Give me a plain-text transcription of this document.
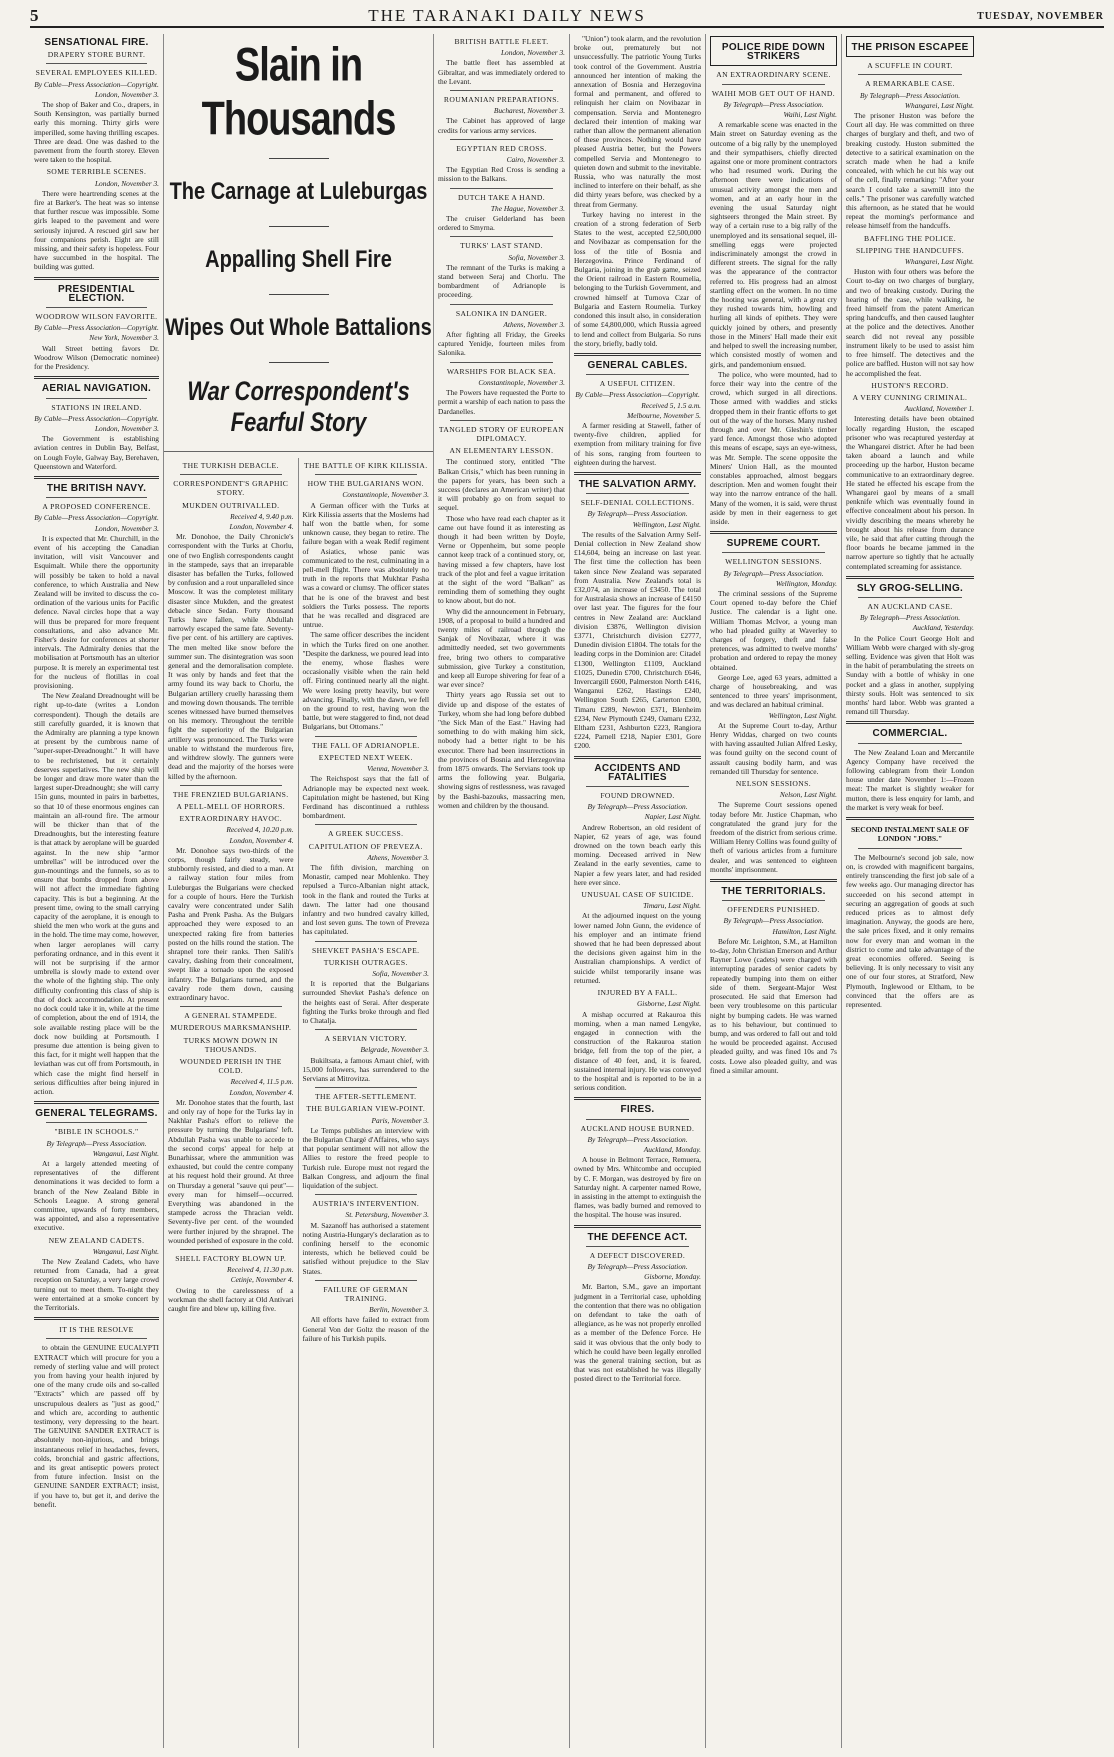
5	THE TARANAKI DAILY NEWS	TUESDAY, NOVEMBER
SENSATIONAL FIRE.
DRAPERY STORE BURNT.
SEVERAL EMPLOYEES KILLED.
By Cable—Press Association—Copyright.
London, November 3.

The shop of Baker and Co., drapers, in South Kensington, was partially burned early this morning. Thirty girls were imperilled, some having thrilling escapes. Three are dead. One was dashed to the pavement from the fourth storey. Eleven were taken to the hospital.

SOME TERRIBLE SCENES.
London, November 3.

There were heartrending scenes at the fire at Barker's. The heat was so intense that further rescue was impossible. Some girls leaped to the pavement and were seriously injured. A rescued girl saw her four companions perish. Eight are still missing, and their safety is hopeless. Four have succumbed in the hospital. The building was gutted.

PRESIDENTIAL ELECTION.
WOODROW WILSON FAVORITE.
By Cable—Press Association—Copyright.
New York, November 3.

Wall Street betting favors Dr. Woodrow Wilson (Democratic nominee) for the Presidency.

AERIAL NAVIGATION.
STATIONS IN IRELAND.
By Cable—Press Association—Copyright.
London, November 3.

The Government is establishing aviation centres in Dublin Bay, Belfast, on Lough Foyle, Galway Bay, Berehaven, Queenstown and Waterford.

THE BRITISH NAVY.
A PROPOSED CONFERENCE.
By Cable—Press Association—Copyright.
London, November 3.

It is expected that Mr. Churchill, in the event of his accepting the Canadian invitation, will visit Vancouver and Esquimalt. While there the opportunity will possibly be taken to hold a naval conference, to which Australia and New Zealand will be invited to discuss the co-ordination of the various units for Pacific defence. Naval circles hope that a way will thus be prepared for more frequent consultations, and also advance Mr. Fisher's desire for conferences at shorter intervals. The Admiralty denies that the mobilisation at Portsmouth has an ulterior purpose. It is merely an experimental test for the nucleus of flotillas in coal provisioning.

The New Zealand Dreadnought will be right up-to-date (writes a London correspondent). Though the details are still carefully guarded, it is known that the Admiralty are planning a type known at present by the cumbrous name of "super-super-Dreadnought." It will have to be rechristened, but it certainly deserves superlatives. The new ship will be longer and draw more water than the largest super-Dreadnought; she will carry 15in guns, mounted in pairs in barbettes, so that 10 of these enormous engines can maintain an all-round fire. The armour will be thicker than that of the Dreadnoughts, but the interesting feature is that attack by aeroplane will be guarded against. In the new ship "armor umbrellas" will be introduced over the gun-mountings and the funnels, so as to ensure that bombs dropped from above will not affect the immediate fighting capacity. This is but a beginning. At the present time, owing to the small carrying capacity of the aeroplane, it is enough to shield the men who work at the guns and in the hold. The time may come, however, when larger aeroplanes will carry perforating ordnance, and in this event it will not be surprising if the armor umbrella is slowly made to extend over the whole of the fighting ship. The only difficulty confronting this class of ship is that of dock accommodation. At present no dock could take it in, while at the time of completion, about the end of 1914, the sole available resting place will be the dock now building at Portsmouth. I presume due attention is being given to this fact, for it might well happen that the leviathan was cut off from Portsmouth, in which case the might find herself in serious difficulties after being injured in action.

GENERAL TELEGRAMS.
"BIBLE IN SCHOOLS."
By Telegraph—Press Association.
Wanganui, Last Night.

At a largely attended meeting of representatives of the different denominations it was decided to form a branch of the New Zealand Bible in Schools League. A strong general committee, upwards of forty members, was appointed, and also a representative executive.

NEW ZEALAND CADETS.
Wanganui, Last Night.

The New Zealand Cadets, who have returned from Canada, had a great reception on Saturday, a very large crowd turning out to meet them. To-night they were entertained at a smoke concert by the Territorials.

IT IS THE RESOLVE

to obtain the GENUINE EUCALYPTI EXTRACT which will procure for you a remedy of sterling value and will protect you from having your health injured by one of the many crude oils and so-called "Extracts" which are passed off by unscrupulous dealers as "just as good," and which are, according to authentic testimony, very depressing to the heart. The GENUINE SANDER EXTRACT is absolutely non-injurious, and brings instantaneous relief in headaches, fevers, colds, bronchial and gastric affections, and its great antiseptic powers protect from future infection. Insist on the GENUINE SANDER EXTRACT; insist, if you have to, but get it, and derive the benefit.

Slain in Thousands
The Carnage at Luleburgas
Appalling Shell Fire
Wipes Out Whole Battalions
War Correspondent's Fearful Story
THE TURKISH DEBACLE.
CORRESPONDENT'S GRAPHIC STORY.
MUKDEN OUTRIVALLED.
Received 4, 9.40 p.m.
London, November 4.

Mr. Donohoe, the Daily Chronicle's correspondent with the Turks at Chorlu, one of two English correspondents caught in the stampede, says that an irreparable disaster has befallen the Turks, followed by confusion and a rout unparalleled since Moscow. It was the completest military disaster since Mukden, and the greatest debacle since Sedan. Forty thousand Turks have fallen, while Abdullah narrowly escaped the same fate. Seventy-five per cent. of his artillery are captives. The men melted like snow before the summer sun. The disintegration was soon general and the demoralisation complete. It was only by hands and feet that the army found its way back to Chorlu, the Bulgarian artillery cruelly harassing them and mowing down thousands. The terrible scenes witnessed have burned themselves on his memory. Throughout the terrible fight the superiority of the Bulgarian artillery was pronounced. The Turks were unable to withstand the murderous fire, and withdrew slowly. The gunners were dead and the majority of the horses were killed by the afternoon.

THE FRENZIED BULGARIANS.
A PELL-MELL OF HORRORS.
EXTRAORDINARY HAVOC.
Received 4, 10.20 p.m.
London, November 4.

Mr. Donohoe says two-thirds of the corps, though fairly steady, were stubbornly resisted, and died to a man. At a railway station four miles from Luleburgas the Bulgarians were checked for a couple of hours. Here the Turkish cavalry were concentrated under Salih Pasha and Prenk Pasha. As the Bulgars approached they were exposed to an unexpected raking fire from batteries posted on the hills round the station. The shrapnel tore their ranks. Then Salih's cavalry, dashing from their concealment, swept like a tornado upon the exposed infantry. The Bulgarians turned, and the cavalry rode them down, causing extraordinary havoc.

A GENERAL STAMPEDE.
MURDEROUS MARKSMANSHIP.
TURKS MOWN DOWN IN THOUSANDS.
WOUNDED PERISH IN THE COLD.
Received 4, 11.5 p.m.
London, November 4.

Mr. Donohoe states that the fourth, last and only ray of hope for the Turks lay in Nakhlar Pasha's effort to relieve the pressure by turning the Bulgarians' left. Abdullah Pasha was unable to accede to the second corps' appeal for help at Bunarhissar, where the ammunition was exhausted, but could the centre company at his request hold their ground. At three on Thursday a general "sauve qui peut"—every man for himself—occurred. Everything was abandoned in the stampede across the Thracian veldt. Seventy-five per cent. of the wounded were further injured by the shrapnel. The wounded perished of exposure in the cold.

SHELL FACTORY BLOWN UP.
Received 4, 11.30 p.m.
Cetinje, November 4.

Owing to the carelessness of a workman the shell factory at Old Antivari caught fire and blew up, killing five.

THE BATTLE OF KIRK KILISSIA.
HOW THE BULGARIANS WON.
Constantinople, November 3.

A German officer with the Turks at Kirk Kilissia asserts that the Moslems had half won the battle when, for some unknown cause, they began to retire. The failure began with a weak Redif regiment of Asiatics, whose panic was communicated to the rest, culminating in a pell-mell flight. There was absolutely no truth in the reports that Mukhtar Pasha was a coward or clumsy. The officer states that he is one of the bravest and best soldiers the Turks possess. The reports that he was recalled and disgraced are untrue.

The same officer describes the incident in which the Turks fired on one another. "Despite the darkness, we poured lead into the enemy, whose flashes were occasionally visible when the rain held off. Firing continued nearly all the night. We were losing pretty heavily, but were advancing. Finally, with the dawn, we fell on the ground to rest, having won the battle, but were staggered to find, not dead Bulgarians, but Ottomans."

THE FALL OF ADRIANOPLE.
EXPECTED NEXT WEEK.
Vienna, November 3.

The Reichspost says that the fall of Adrianople may be expected next week. Capitulation might be hastened, but King Ferdinand has discontinued a ruthless bombardment.

A GREEK SUCCESS.
CAPITULATION OF PREVEZA.
Athens, November 3.

The fifth division, marching on Monastir, camped near Mohlenko. They repulsed a Turco-Albanian night attack, took in the flank and routed the Turks at dawn. The latter had one thousand infantry and two hundred cavalry killed, and lost seven guns. The town of Preveza has capitulated.

SHEVKET PASHA'S ESCAPE.
TURKISH OUTRAGES.
Sofia, November 3.

It is reported that the Bulgarians surrounded Shevket Pasha's defence on the heights east of Serai. After desperate fighting the Turks broke through and fled to Chatalja.

A SERVIAN VICTORY.
Belgrade, November 3.

Bukiltsata, a famous Arnaut chief, with 15,000 followers, has surrendered to the Servians at Mitrovitza.

THE AFTER-SETTLEMENT.
THE BULGARIAN VIEW-POINT.
Paris, November 3.

Le Temps publishes an interview with the Bulgarian Chargé d'Affaires, who says that popular sentiment will not allow the Allies to restore the freed people to Turkish rule. Europe must not regard the Balkan Congress, and adjourn the final liquidation of the subject.

AUSTRIA'S INTERVENTION.
St. Petersburg, November 3.

M. Sazanoff has authorised a statement noting Austria-Hungary's declaration as to confining herself to the economic interests, which he believed could be satisfied without prejudice to the Slav States.

FAILURE OF GERMAN TRAINING.
Berlin, November 3.

All efforts have failed to extract from General Von der Goltz the reason of the failure of his Turkish pupils.

BRITISH BATTLE FLEET.
London, November 3.

The battle fleet has assembled at Gibraltar, and was immediately ordered to the Levant.

ROUMANIAN PREPARATIONS.
Bucharest, November 3.

The Cabinet has approved of large credits for various army services.

EGYPTIAN RED CROSS.
Cairo, November 3.

The Egyptian Red Cross is sending a mission to the Balkans.

DUTCH TAKE A HAND.
The Hague, November 3.

The cruiser Gelderland has been ordered to Smyrna.

TURKS' LAST STAND.
Sofia, November 3.

The remnant of the Turks is making a stand between Seraj and Chorlu. The bombardment of Adrianople is proceeding.

SALONIKA IN DANGER.
Athens, November 3.

After fighting all Friday, the Greeks captured Yenidje, fourteen miles from Salonika.

WARSHIPS FOR BLACK SEA.
Constantinople, November 3.

The Powers have requested the Porte to permit a warship of each nation to pass the Dardanelles.

TANGLED STORY OF EUROPEAN DIPLOMACY.
AN ELEMENTARY LESSON.

The continued story, entitled "The Balkan Crisis," which has been running in the papers for years, has been such a success (declares an American writer) that it will probably go on from sequel to sequel.

Those who have read each chapter as it came out have found it as interesting as though it had been written by Doyle, Verne or Oppenheim, but some people cannot keep track of a continued story, or, having missed a few chapters, have lost track of the plot and feel a vague irritation at the sight of the word "Balkan" as reminding them of something they ought to know about, but do not.

Why did the announcement in February, 1908, of a proposal to build a hundred and twenty miles of railroad through the Sanjak of Novibazar, where it was admittedly needed, set two governments free, bring two others to comparative submission, give Turkey a constitution, and keep all Europe shivering for fear of a war ever since?

Thirty years ago Russia set out to divide up and dispose of the estates of Turkey, whom she had long before dubbed "the Sick Man of the East." Having had something to do with making him sick, nobody had a better right to be his executor. There had been insurrections in the provinces of Bosnia and Herzegovina from 1875 onwards. The Servians took up arms the following year. Bulgaria, showing signs of restlessness, was ravaged by the Bashi-bazouks, massacring men, women and children by the thousand.

"Union") took alarm, and the revolution broke out, prematurely but not unsuccessfully. The patriotic Young Turks took control of the Government. Austria announced her intention of making the annexation of Bosnia and Herzegovina formal and permanent, and offered to relinquish her claim on Novibazar in compensation. Servia and Montenegro declared their intention of making war rather than allow the permanent alienation of these provinces. Nothing would have pleased Austria better, but the Powers compelled Servia and Montenegro to quieten down and submit to the inevitable. Russia, who was naturally the most inclined to interfere on their behalf, as she did thirty years before, was checked by a threat from Germany.

Turkey having no interest in the creation of a strong federation of Serb States to the west, accepted £2,500,000 and Novibazar as compensation for the loss of the title of Bosnia and Herzegovina. Prince Ferdinand of Bulgaria, joining in the grab game, seized the Orient railroad in Eastern Roumelia, belonging to the Turkish Government, and crowned himself at Turnova Czar of Bulgaria and Eastern Roumelia. Turkey condoned this insult also, in consideration of some £4,800,000, which Russia agreed to lend and collect from Bulgaria. So runs the story, briefly, badly told.

GENERAL CABLES.
A USEFUL CITIZEN.
By Cable—Press Association—Copyright.
Received 5, 1.5 a.m.
Melbourne, November 5.

A farmer residing at Stawell, father of twenty-five children, applied for exemption from military training for five of his sons, ranging from fourteen to eighteen during the harvest.

THE SALVATION ARMY.
SELF-DENIAL COLLECTIONS.
By Telegraph—Press Association.
Wellington, Last Night.

The results of the Salvation Army Self-Denial collection in New Zealand show £14,604, being an increase on last year. The first time the collection has been taken since New Zealand was separated from Australia. New Zealand's total is £32,074, an increase of £3450. The total for Australasia shows an increase of £4150 over last year. The figures for the four centres in New Zealand are: Auckland division £3876, Wellington division £3771, Christchurch division £2777, Dunedin division £1804. The totals for the leading corps in the Dominion are: Citadel £1300, Wellington £1109, Auckland £1025, Dunedin £700, Christchurch £646, Invercargill £600, Palmerston North £416, Wanganui £262, Hastings £240, Wellington South £265, Carterton £300, Timaru £289, Newton £371, Blenheim £234, New Plymouth £249, Oamaru £232, Eltham £231, Ashburton £223, Rangiora £224, Parnell £218, Napier £301, Gore £200.

ACCIDENTS AND FATALITIES
FOUND DROWNED.
By Telegraph—Press Association.
Napier, Last Night.

Andrew Robertson, an old resident of Napier, 62 years of age, was found drowned on the town beach early this morning. Deceased arrived in New Zealand in the early seventies, came to Napier a few years later, and had resided here ever since.

UNUSUAL CASE OF SUICIDE.
Timaru, Last Night.

At the adjourned inquest on the young lower named John Gunn, the evidence of his employer and an intimate friend showed that he had been depressed about the decisions given against him in the Australian championships. A verdict of suicide whilst temporarily insane was returned.

INJURED BY A FALL.
Gisborne, Last Night.

A mishap occurred at Rakauroa this morning, when a man named Lengyke, engaged in connection with the construction of the Rakauroa station bridge, fell from the top of the pier, a distance of 40 feet, and, it is feared, sustained internal injury. He was conveyed to the hospital and is reported to be in a serious condition.

FIRES.
AUCKLAND HOUSE BURNED.
By Telegraph—Press Association.
Auckland, Monday.

A house in Belmont Terrace, Remuera, owned by Mrs. Whitcombe and occupied by C. F. Morgan, was destroyed by fire on Saturday night. A carpenter named Rowe, in assisting in the attempt to extinguish the flames, was badly burned and removed to the hospital. The house was insured.

THE DEFENCE ACT.
A DEFECT DISCOVERED.
By Telegraph—Press Association.
Gisborne, Monday.

Mr. Barton, S.M., gave an important judgment in a Territorial case, upholding the contention that there was no obligation on defendant to take the oath of allegiance, as he was not properly enrolled as a member of the Defence Force. He said it was obvious that the only body to which he could have been legally enrolled was the general training section, but as that was not established he was illegally posted direct to the Territorial force.

POLICE RIDE DOWN STRIKERS
AN EXTRAORDINARY SCENE.
WAIHI MOB GET OUT OF HAND.
By Telegraph—Press Association.
Waihi, Last Night.

A remarkable scene was enacted in the Main street on Saturday evening as the outcome of a big rally by the unemployed and their sympathisers, chiefly directed against one or more prominent contractors who had resumed work. During the afternoon there were indications of unusual activity amongst the men and women, and at an early hour in the evening the usual Saturday night sightseers thronged the Main street. By way of a certain ruse to a big rally of the unemployed and its sensational sequel, ill-smelling eggs were projected indiscriminately amongst the crowd in different streets. The signal for the rally was the appearance of the contractor referred to. His progress had an almost startling effect on the women. In no time the hooting was general, with a great cry they rushed towards him, howling and hurling all kinds of epithets. They were quickly joined by others, and presently those in the Miners' Hall made their exit and helped to swell the increasing number, which consisted mostly of women and girls, and pandemonium ensued.

The police, who were mounted, had to force their way into the centre of the crowd, which surged in all directions. Those armed with waddies and sticks dropped them in their frantic efforts to get out of the way of the horses. Many rushed through and over Mr. Gleshin's timber yard fence. Amongst those who adopted this means of escape, says an eye-witness, was Mr. Semple. The scene opposite the Miners' Union Hall, as the mounted constables approached, almost beggars description. Men and women fought their way into the narrow entrance of the hall. Many of the women, it is said, were thrust aside by men in their eagerness to get inside.

SUPREME COURT.
WELLINGTON SESSIONS.
By Telegraph—Press Association.
Wellington, Monday.

The criminal sessions of the Supreme Court opened to-day before the Chief Justice. The calendar is a light one. William Thomas McIvor, a young man who had pleaded guilty at Waverley to charges of forgery, theft and false pretences, was admitted to twelve months' probation and ordered to repay the money obtained.

George Lee, aged 63 years, admitted a charge of housebreaking, and was sentenced to three years' imprisonment, and was declared an habitual criminal.

Wellington, Last Night.

At the Supreme Court to-day, Arthur Henry Widdas, charged on two counts with having assaulted Julian Alfred Lesky, was found guilty on the second count of assault causing bodily harm, and was remanded till Thursday for sentence.

NELSON SESSIONS.
Nelson, Last Night.

The Supreme Court sessions opened today before Mr. Justice Chapman, who congratulated the grand jury for the freedom of the district from serious crime. William Henry Collins was found guilty of theft of various articles from a furniture dealer, and was sentenced to eighteen months' imprisonment.

THE TERRITORIALS.
OFFENDERS PUNISHED.
By Telegraph—Press Association.
Hamilton, Last Night.

Before Mr. Leighton, S.M., at Hamilton to-day, John Christian Emerson and Arthur Rayner Lowe (cadets) were charged with interrupting parades of senior cadets by repeatedly bumping into them on either side of them. Sergeant-Major West prosecuted. He said that Emerson had been very troublesome on this particular night by bumping cadets. He was warned as to his behaviour, but continued to bump, and was ordered to fall out and told he would be proceeded against. Accused pleaded guilty, and was fined 10s and 7s costs. Lowe also pleaded guilty, and was fined a similar amount.

THE PRISON ESCAPEE
A SCUFFLE IN COURT.
A REMARKABLE CASE.
By Telegraph—Press Association.
Whangarei, Last Night.

The prisoner Huston was before the Court all day. He was committed on three charges of burglary and theft, and two of breaking custody. Huston submitted the detective to a satirical examination on the scratch made when he had a knife concealed, with which he cut his way out of the cell, finally remarking: "After your search I could take a sawmill into the cells." The prisoner was carefully watched this afternoon, as he stated that he would repeat the morning's performance and release himself from the handcuffs.

BAFFLING THE POLICE.
SLIPPING THE HANDCUFFS.
Whangarei, Last Night.

Huston with four others was before the Court to-day on two charges of burglary, and two of breaking custody. During the hearing of the case, while walking, he freed himself from the patent American spring handcuffs, and then caused laughter at the police and the detectives. Another search did not reveal any possible instrument likely to be used to assist him to free himself. The detectives and the police are baffled. Huston will not say how he accomplished the feat.

HUSTON'S RECORD.
A VERY CUNNING CRIMINAL.
Auckland, November 1.

Interesting details have been obtained locally regarding Huston, the escaped prisoner who was recaptured yesterday at the Whangarei district. After he had been taken aboard a launch and while proceeding up the harbor, Huston became communicative to an extraordinary degree. He stated he effected his escape from the Whangarei gaol by means of a small penknife which was eventually found in effective concealment about his person. In vividly describing the means whereby he brought about his release from durance vile, he said that after cutting through the floor boards he became jammed in the narrow aperture so tightly that he actually contemplated screaming for assistance.

SLY GROG-SELLING.
AN AUCKLAND CASE.
By Telegraph—Press Association.
Auckland, Yesterday.

In the Police Court George Holt and William Webb were charged with sly-grog selling. Evidence was given that Holt was in the habit of perambulating the streets on Sunday with a bottle of whisky in one pocket and a glass in another, supplying thirsty souls. Holt was sentenced to six months' hard labor. Webb was granted a remand till Thursday.

COMMERCIAL.

The New Zealand Loan and Mercantile Agency Company have received the following cablegram from their London house under date November 1:—Frozen meat: The market is slightly weaker for mutton, there is less enquiry for lamb, and the market is very weak for beef.

SECOND INSTALMENT SALE OF LONDON "JOBS."

The Melbourne's second job sale, now on, is crowded with magnificent bargains, entirely transcending the first job sale of a few weeks ago. Our managing director has succeeded on his second attempt in securing an aggregation of goods at such reduced prices as to almost defy imagination. Anyway, the goods are here, the sale prices fixed, and it only remains now for every man and woman in the district to come and take advantage of the great economies offered. Seeing is believing. It is only necessary to visit any one of our four stores, at Stratford, New Plymouth, Inglewood or Eltham, to be convinced that the offers are as represented.
